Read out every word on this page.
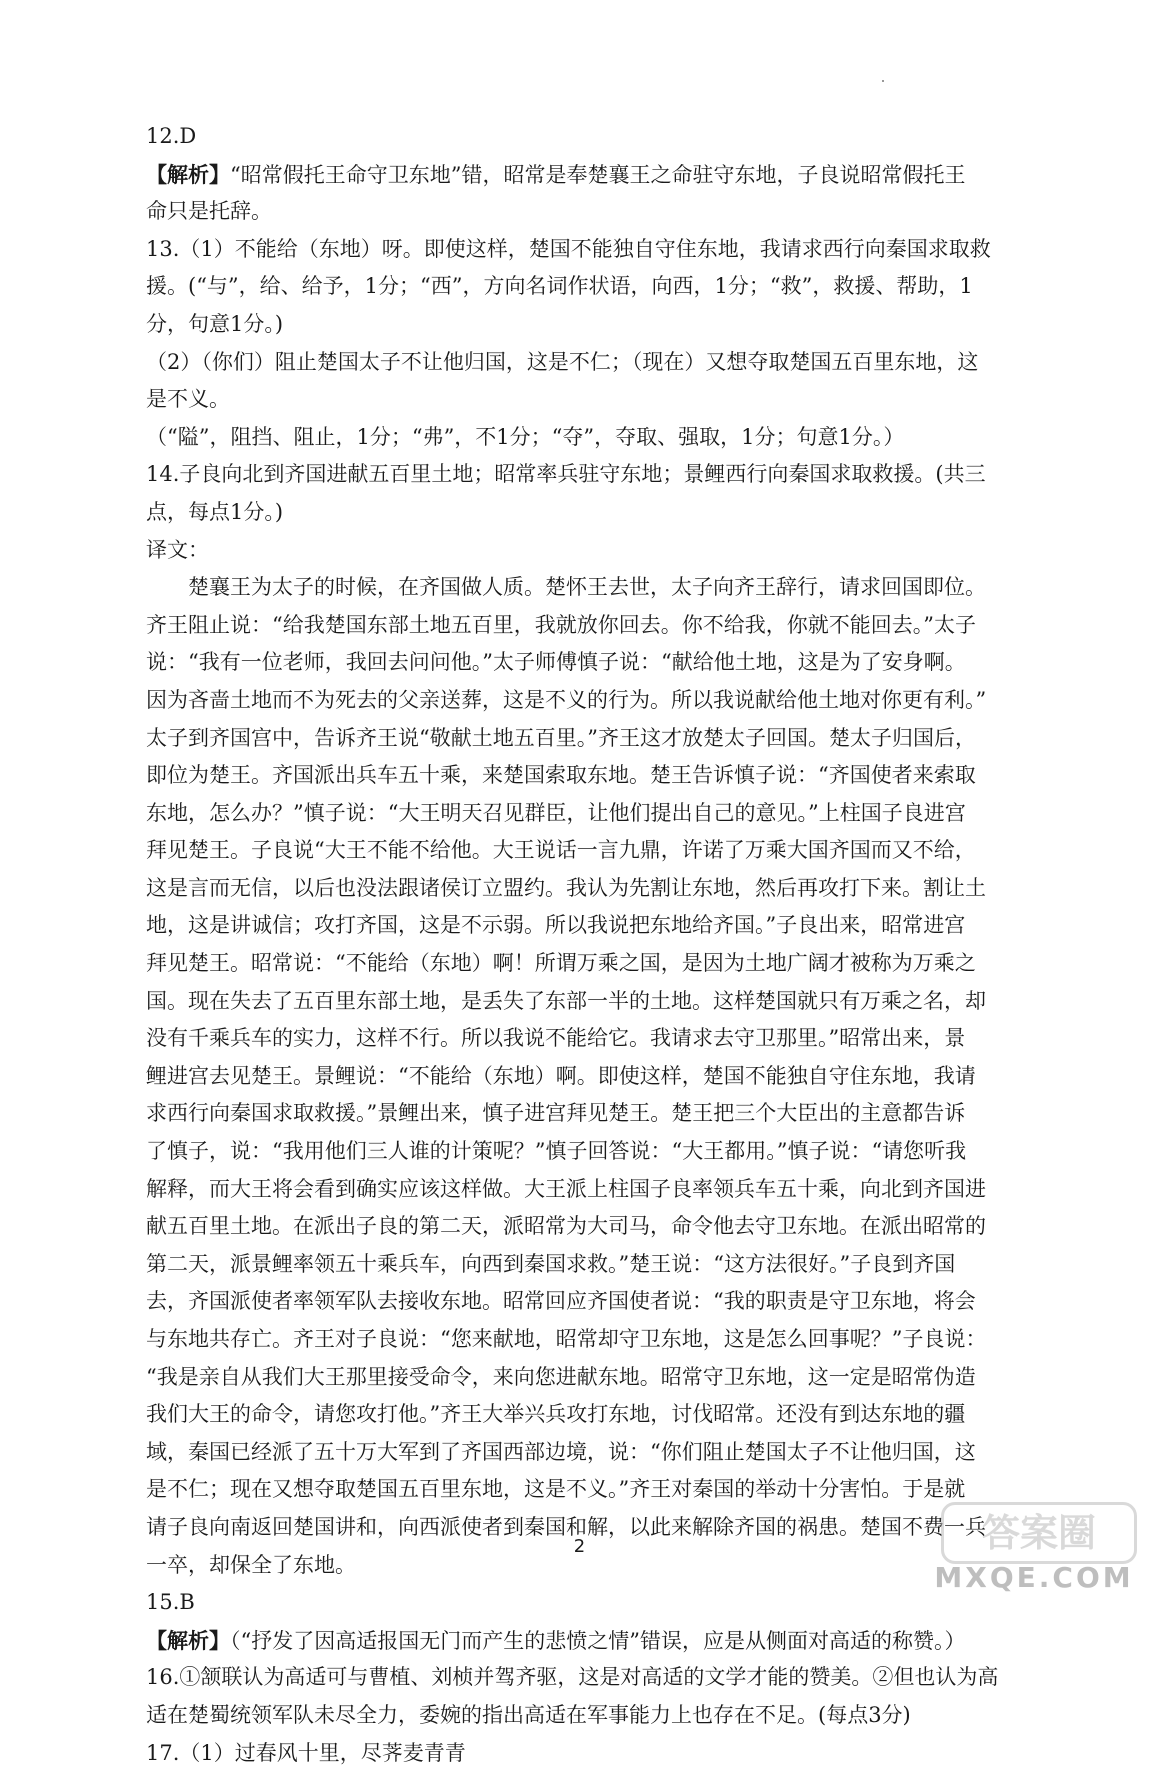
12.D
【解析】“昭常假托王命守卫东地”错，昭常是奉楚襄王之命驻守东地，子良说昭常假托王
命只是托辞。
13.（1）不能给（东地）呀。即使这样，楚国不能独自守住东地，我请求西行向秦国求取救
援。(“与”，给、给予，1分；“西”，方向名词作状语，向西，1分；“救”，救援、帮助，1
分，句意1分。)
（2）（你们）阻止楚国太子不让他归国，这是不仁；（现在）又想夺取楚国五百里东地，这
是不义。
（“隘”，阻挡、阻止，1分；“弗”，不1分；“夺”，夺取、强取，1分；句意1分。）
14.子良向北到齐国进献五百里土地；昭常率兵驻守东地；景鲤西行向秦国求取救援。(共三
点，每点1分。)
译文：
楚襄王为太子的时候，在齐国做人质。楚怀王去世，太子向齐王辞行，请求回国即位。
齐王阻止说：“给我楚国东部土地五百里，我就放你回去。你不给我，你就不能回去。”太子
说：“我有一位老师，我回去问问他。”太子师傅慎子说：“献给他土地，这是为了安身啊。
因为吝啬土地而不为死去的父亲送葬，这是不义的行为。所以我说献给他土地对你更有利。”
太子到齐国宫中，告诉齐王说“敬献土地五百里。”齐王这才放楚太子回国。楚太子归国后，
即位为楚王。齐国派出兵车五十乘，来楚国索取东地。楚王告诉慎子说：“齐国使者来索取
东地，怎么办？”慎子说：“大王明天召见群臣，让他们提出自己的意见。”上柱国子良进宫
拜见楚王。子良说“大王不能不给他。大王说话一言九鼎，许诺了万乘大国齐国而又不给，
这是言而无信，以后也没法跟诸侯订立盟约。我认为先割让东地，然后再攻打下来。割让土
地，这是讲诚信；攻打齐国，这是不示弱。所以我说把东地给齐国。”子良出来，昭常进宫
拜见楚王。昭常说：“不能给（东地）啊！所谓万乘之国，是因为土地广阔才被称为万乘之
国。现在失去了五百里东部土地，是丢失了东部一半的土地。这样楚国就只有万乘之名，却
没有千乘兵车的实力，这样不行。所以我说不能给它。我请求去守卫那里。”昭常出来，景
鲤进宫去见楚王。景鲤说：“不能给（东地）啊。即使这样，楚国不能独自守住东地，我请
求西行向秦国求取救援。”景鲤出来，慎子进宫拜见楚王。楚王把三个大臣出的主意都告诉
了慎子，说：“我用他们三人谁的计策呢？”慎子回答说：“大王都用。”慎子说：“请您听我
解释，而大王将会看到确实应该这样做。大王派上柱国子良率领兵车五十乘，向北到齐国进
献五百里土地。在派出子良的第二天，派昭常为大司马，命令他去守卫东地。在派出昭常的
第二天，派景鲤率领五十乘兵车，向西到秦国求救。”楚王说：“这方法很好。”子良到齐国
去，齐国派使者率领军队去接收东地。昭常回应齐国使者说：“我的职责是守卫东地，将会
与东地共存亡。齐王对子良说：“您来献地，昭常却守卫东地，这是怎么回事呢？”子良说：
“我是亲自从我们大王那里接受命令，来向您进献东地。昭常守卫东地，这一定是昭常伪造
我们大王的命令，请您攻打他。”齐王大举兴兵攻打东地，讨伐昭常。还没有到达东地的疆
域，秦国已经派了五十万大军到了齐国西部边境，说：“你们阻止楚国太子不让他归国，这
是不仁；现在又想夺取楚国五百里东地，这是不义。”齐王对秦国的举动十分害怕。于是就
请子良向南返回楚国讲和，向西派使者到秦国和解，以此来解除齐国的祸患。楚国不费一兵
一卒，却保全了东地。
15.B
【解析】（“抒发了因高适报国无门而产生的悲愤之情”错误，应是从侧面对高适的称赞。）
16.①颔联认为高适可与曹植、刘桢并驾齐驱，这是对高适的文学才能的赞美。②但也认为高
适在楚蜀统领军队未尽全力，委婉的指出高适在军事能力上也存在不足。(每点3分)
17.（1）过春风十里，尽荠麦青青
2	答案圈
MXQE.COM
